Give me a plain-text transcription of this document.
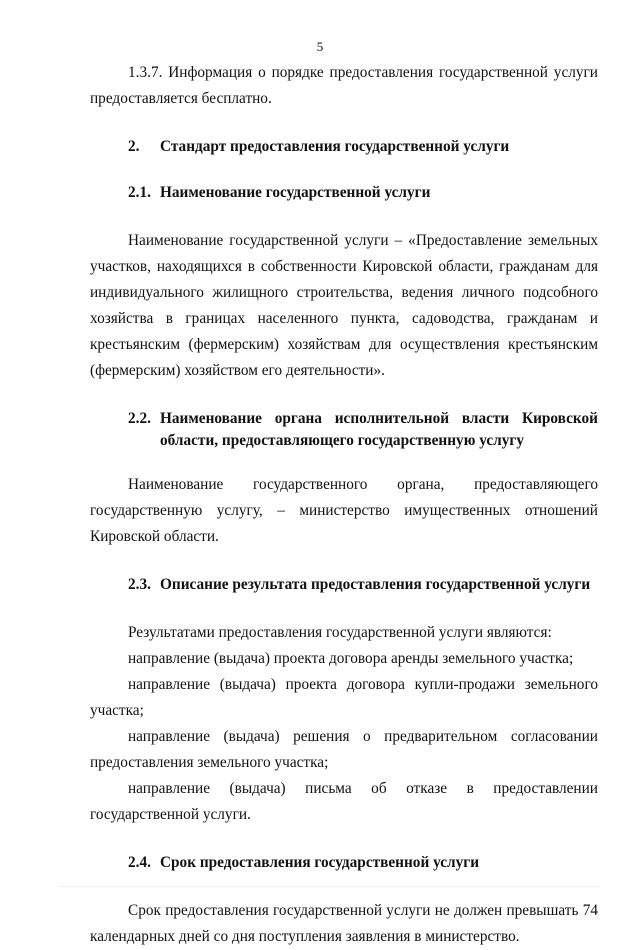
5

1.3.7. Информация о порядке предоставления государственной услуги предоставляется бесплатно.

2.	Стандарт предоставления государственной услуги
2.1. Наименование государственной услуги

Наименование государственной услуги – «Предоставление земельных участков, находящихся в собственности Кировской области, гражданам для индивидуального жилищного строительства, ведения личного подсобного хозяйства в границах населенного пункта, садоводства, гражданам и крестьянским (фермерским) хозяйствам для осуществления крестьянским (фермерским) хозяйством его деятельности».

2.2. Наименование органа исполнительной власти Кировской области, предоставляющего государственную услугу

Наименование государственного органа, предоставляющего государственную услугу, – министерство имущественных отношений Кировской области.

2.3. Описание результата предоставления государственной услуги

Результатами предоставления государственной услуги являются:

направление (выдача) проекта договора аренды земельного участка;

направление (выдача) проекта договора купли-продажи земельного участка;

направление (выдача) решения о предварительном согласовании предоставления земельного участка;

направление (выдача) письма об отказе в предоставлении государственной услуги.

2.4. Срок предоставления государственной услуги

Срок предоставления государственной услуги не должен превышать 74 календарных дней со дня поступления заявления в министерство.
